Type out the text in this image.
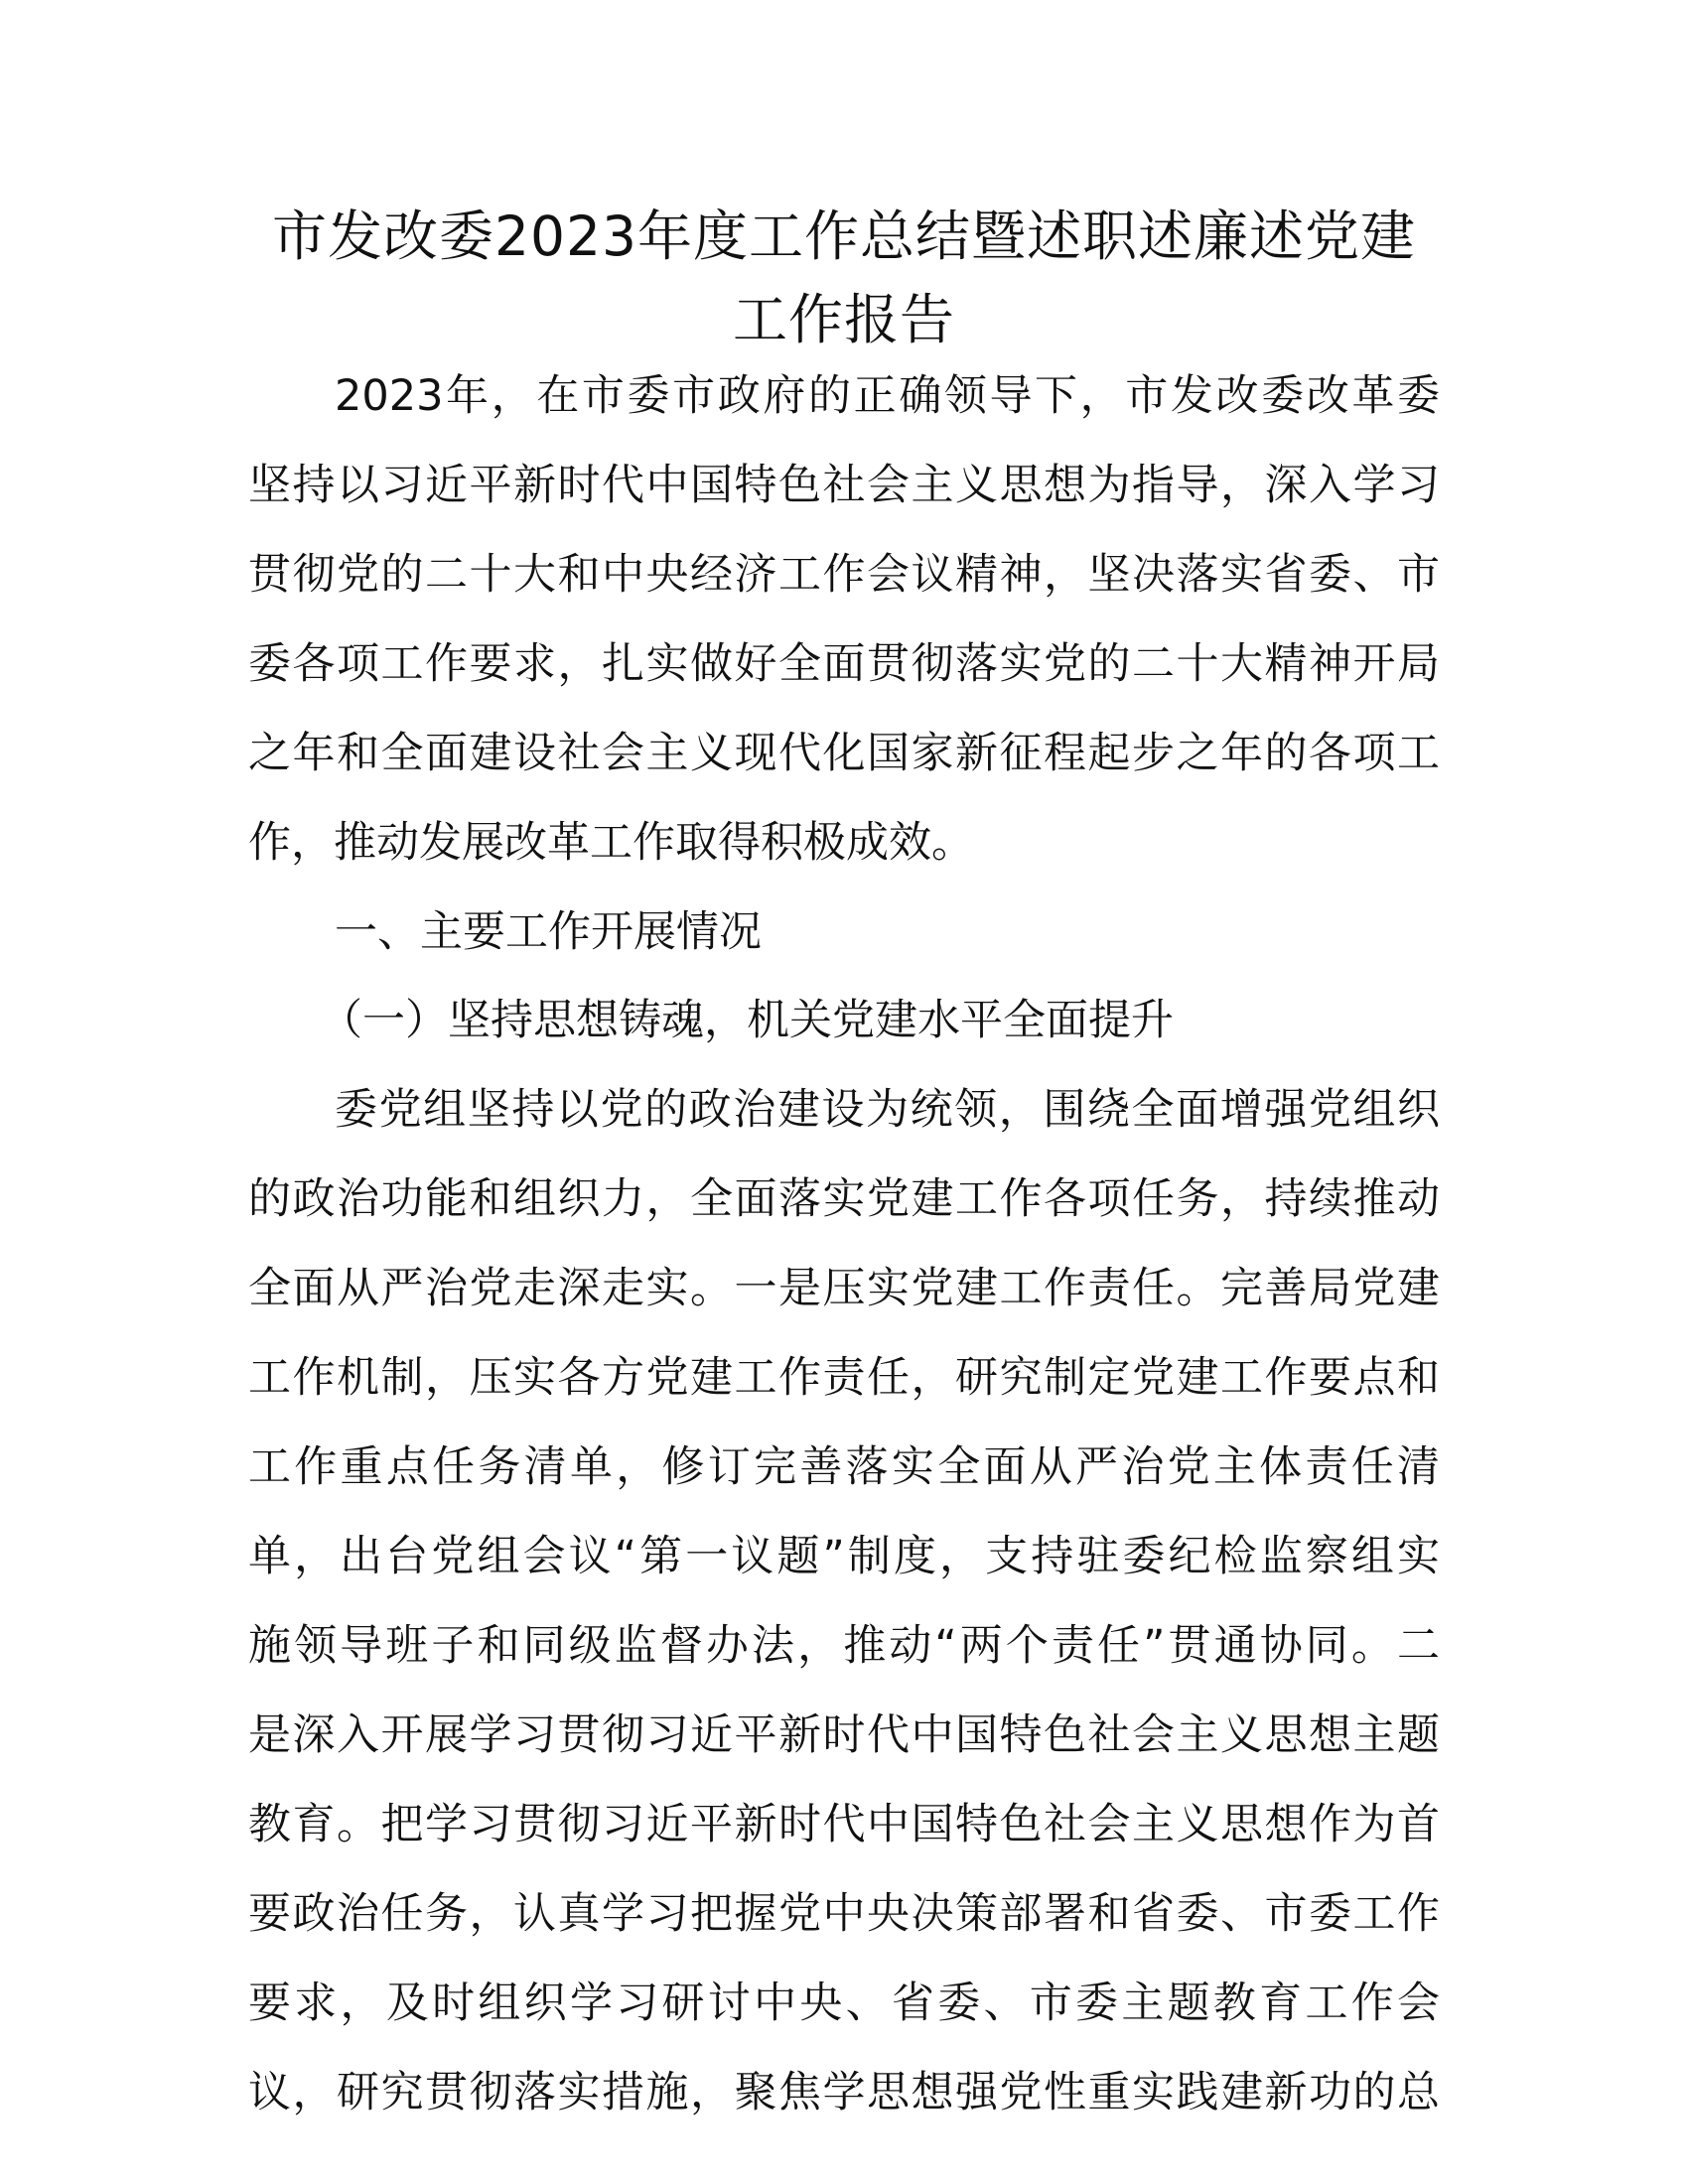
市发改委2023年度工作总结暨述职述廉述党建
工作报告
2023年，在市委市政府的正确领导下，市发改委改革委
坚持以习近平新时代中国特色社会主义思想为指导，深入学习
贯彻党的二十大和中央经济工作会议精神，坚决落实省委、市
委各项工作要求，扎实做好全面贯彻落实党的二十大精神开局
之年和全面建设社会主义现代化国家新征程起步之年的各项工
作，推动发展改革工作取得积极成效。
一、主要工作开展情况
（一）坚持思想铸魂，机关党建水平全面提升
委党组坚持以党的政治建设为统领，围绕全面增强党组织
的政治功能和组织力，全面落实党建工作各项任务，持续推动
全面从严治党走深走实。一是压实党建工作责任。完善局党建
工作机制，压实各方党建工作责任，研究制定党建工作要点和
工作重点任务清单，修订完善落实全面从严治党主体责任清
单，出台党组会议“第一议题”制度，支持驻委纪检监察组实
施领导班子和同级监督办法，推动“两个责任”贯通协同。二
是深入开展学习贯彻习近平新时代中国特色社会主义思想主题
教育。把学习贯彻习近平新时代中国特色社会主义思想作为首
要政治任务，认真学习把握党中央决策部署和省委、市委工作
要求，及时组织学习研讨中央、省委、市委主题教育工作会
议，研究贯彻落实措施，聚焦学思想强党性重实践建新功的总
